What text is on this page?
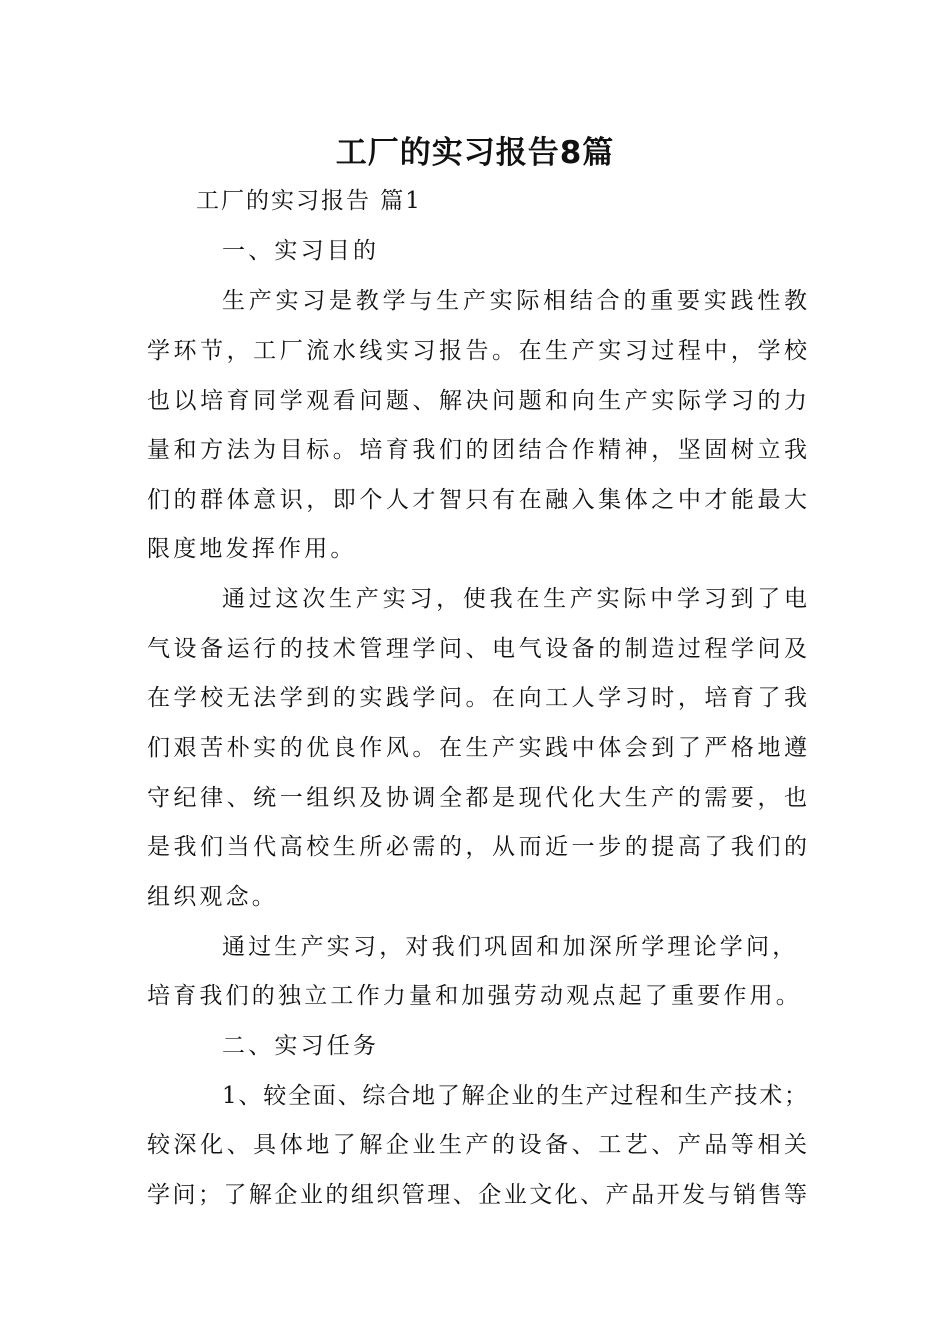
工厂的实习报告8篇

工厂的实习报告 篇1

一、实习目的

生产实习是教学与生产实际相结合的重要实践性教

学环节，工厂流水线实习报告。在生产实习过程中，学校

也以培育同学观看问题、解决问题和向生产实际学习的力

量和方法为目标。培育我们的团结合作精神，坚固树立我

们的群体意识，即个人才智只有在融入集体之中才能最大

限度地发挥作用。

通过这次生产实习，使我在生产实际中学习到了电

气设备运行的技术管理学问、电气设备的制造过程学问及

在学校无法学到的实践学问。在向工人学习时，培育了我

们艰苦朴实的优良作风。在生产实践中体会到了严格地遵

守纪律、统一组织及协调全都是现代化大生产的需要，也

是我们当代高校生所必需的，从而近一步的提高了我们的

组织观念。

通过生产实习，对我们巩固和加深所学理论学问，

培育我们的独立工作力量和加强劳动观点起了重要作用。

二、实习任务

1、较全面、综合地了解企业的生产过程和生产技术；

较深化、具体地了解企业生产的设备、工艺、产品等相关

学问；了解企业的组织管理、企业文化、产品开发与销售等
